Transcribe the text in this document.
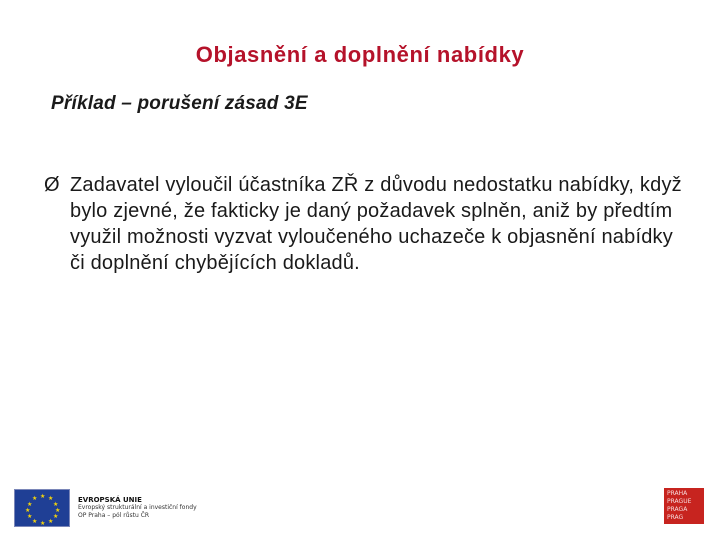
Objasnění a doplnění nabídky
Příklad – porušení zásad 3E
Ø Zadavatel vyloučil účastníka ZŘ z důvodu nedostatku nabídky, když bylo zjevné, že fakticky je daný požadavek splněn, aniž by předtím využil možnosti vyzvat vyloučeného uchazeče k objasnění nabídky či doplnění chybějících dokladů.
★ ★
★
★
★
★
★
★
★
★
★
★	EVROPSKÁ UNIE
Evropský strukturální a investiční fondy
OP Praha – pól růstu ČR
PRAHA PRAGUE PRAGA PRAG
